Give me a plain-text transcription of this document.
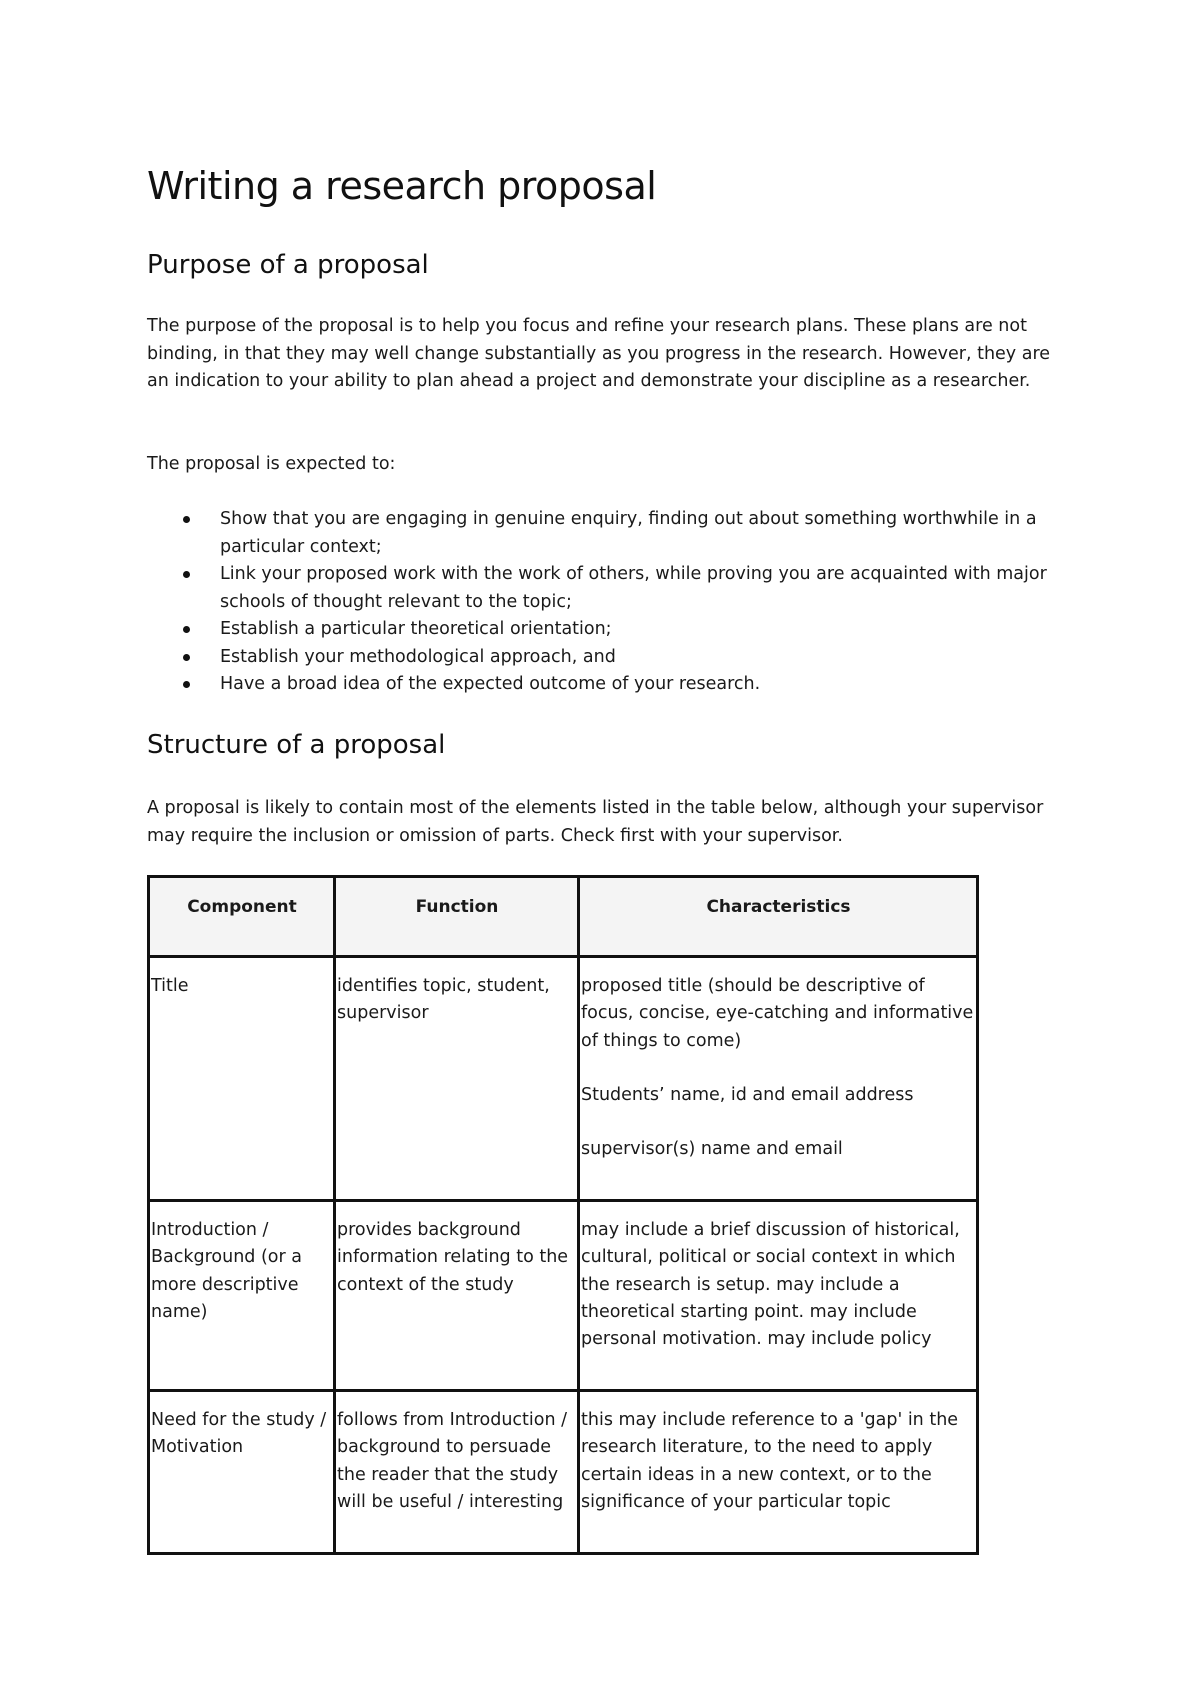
Writing a research proposal
Purpose of a proposal

The purpose of the proposal is to help you focus and refine your research plans. These plans are not binding, in that they may well change substantially as you progress in the research. However, they are an indication to your ability to plan ahead a project and demonstrate your discipline as a researcher.

The proposal is expected to:

Show that you are engaging in genuine enquiry, finding out about something worthwhile in a particular context;
Link your proposed work with the work of others, while proving you are acquainted with major schools of thought relevant to the topic;
Establish a particular theoretical orientation;
Establish your methodological approach, and
Have a broad idea of the expected outcome of your research.
Structure of a proposal

A proposal is likely to contain most of the elements listed in the table below, although your supervisor may require the inclusion or omission of parts. Check first with your supervisor.

Component	Function	Characteristics
Title	identifies topic, student, supervisor	proposed title (should be descriptive of focus, concise, eye-catching and informative of things to come)
Students’ name, id and email address
supervisor(s) name and email

Introduction / Background (or a more descriptive name)	provides background information relating to the context of the study	may include a brief discussion of historical, cultural, political or social context in which the research is setup. may include a theoretical starting point. may include personal motivation. may include policy

Need for the study / Motivation	follows from Introduction / background to persuade the reader that the study will be useful / interesting	this may include reference to a 'gap' in the research literature, to the need to apply certain ideas in a new context, or to the significance of your particular topic
